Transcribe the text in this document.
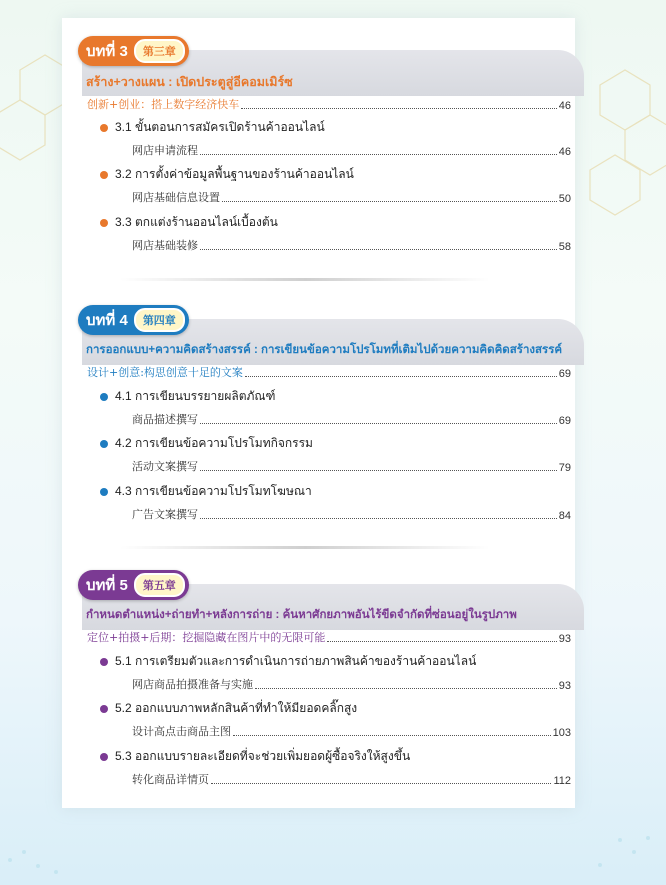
บทที่ 3	第三章
สร้าง+วางแผน : เปิดประตูสู่อีคอมเมิร์ซ
创新+创业：搭上数字经济快车	46
3.1 ขั้นตอนการสมัครเปิดร้านค้าออนไลน์
网店申请流程	46
3.2 การตั้งค่าข้อมูลพื้นฐานของร้านค้าออนไลน์
网店基础信息设置	50
3.3 ตกแต่งร้านออนไลน์เบื้องต้น
网店基础装修	58
บทที่ 4	第四章
การออกแบบ+ความคิดสร้างสรรค์ : การเขียนข้อความโปรโมทที่เติมไปด้วยความคิดคิดสร้างสรรค์
设计+创意:构思创意十足的文案	69
4.1 การเขียนบรรยายผลิตภัณฑ์
商品描述撰写	69
4.2 การเขียนข้อความโปรโมทกิจกรรม
活动文案撰写	79
4.3 การเขียนข้อความโปรโมทโฆษณา
广告文案撰写	84
บทที่ 5	第五章
กำหนดตำแหน่ง+ถ่ายทำ+หลังการถ่าย : ค้นหาศักยภาพอันไร้ขีดจำกัดที่ซ่อนอยู่ในรูปภาพ
定位+拍摄+后期：挖掘隐藏在图片中的无限可能	93
5.1 การเตรียมตัวและการดำเนินการถ่ายภาพสินค้าของร้านค้าออนไลน์
网店商品拍摄准备与实施	93
5.2 ออกแบบภาพหลักสินค้าที่ทำให้มียอดคลิ๊กสูง
设计高点击商品主图	103
5.3 ออกแบบรายละเอียดที่จะช่วยเพิ่มยอดผู้ซื้อจริงให้สูงขึ้น
转化商品详情页	112
